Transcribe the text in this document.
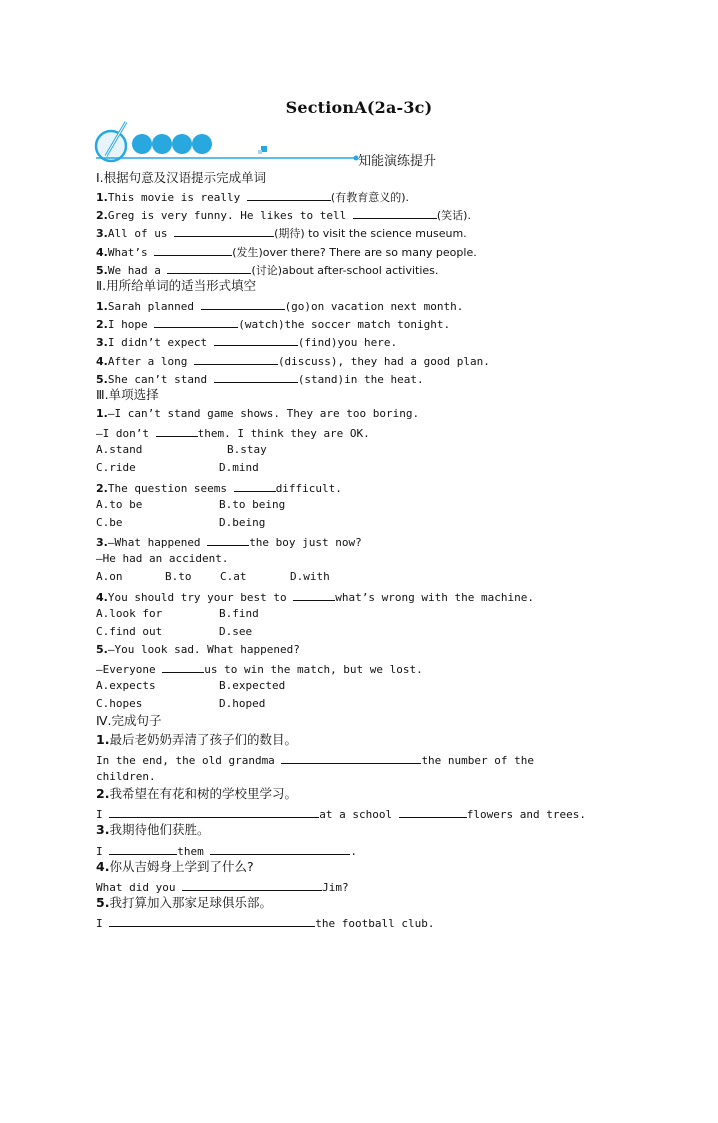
SectionA(2a-3c)
知能演练提升
Ⅰ.根据句意及汉语提示完成单词
1.This movie is really	(有教育意义的).
2.Greg is very funny. He likes to tell	(笑话).
3.All of us	(期待) to visit the science museum.
4.What’s	(发生)over there? There are so many people.
5.We had a	(讨论)about after-school activities.
Ⅱ.用所给单词的适当形式填空
1.Sarah planned	(go)on vacation next month.
2.I hope	(watch)the soccer match tonight.
3.I didn’t expect	(find)you here.
4.After a long	(discuss), they had a good plan.
5.She can’t stand	(stand)in the heat.
Ⅲ.单项选择
1.—I can’t stand game shows. They are too boring.
—I don’t	them. I think they are OK.
A.stand	B.stay
C.ride	D.mind
2.The question seems	difficult.
A.to be	B.to being
C.be	D.being
3.—What happened	the boy just now?
—He had an accident.
A.on	B.to	C.at	D.with
4.You should try your best to	what’s wrong with the machine.
A.look for	B.find
C.find out	D.see
5.—You look sad. What happened?
—Everyone	us to win the match, but we lost.
A.expects	B.expected
C.hopes	D.hoped
Ⅳ.完成句子
1.最后老奶奶弄清了孩子们的数目。
In the end, the old grandma	the number of the
children.
2.我希望在有花和树的学校里学习。
I	at a school	flowers and trees.
3.我期待他们获胜。
I	them	.
4.你从吉姆身上学到了什么?
What did you	Jim?
5.我打算加入那家足球俱乐部。
I	the football club.
